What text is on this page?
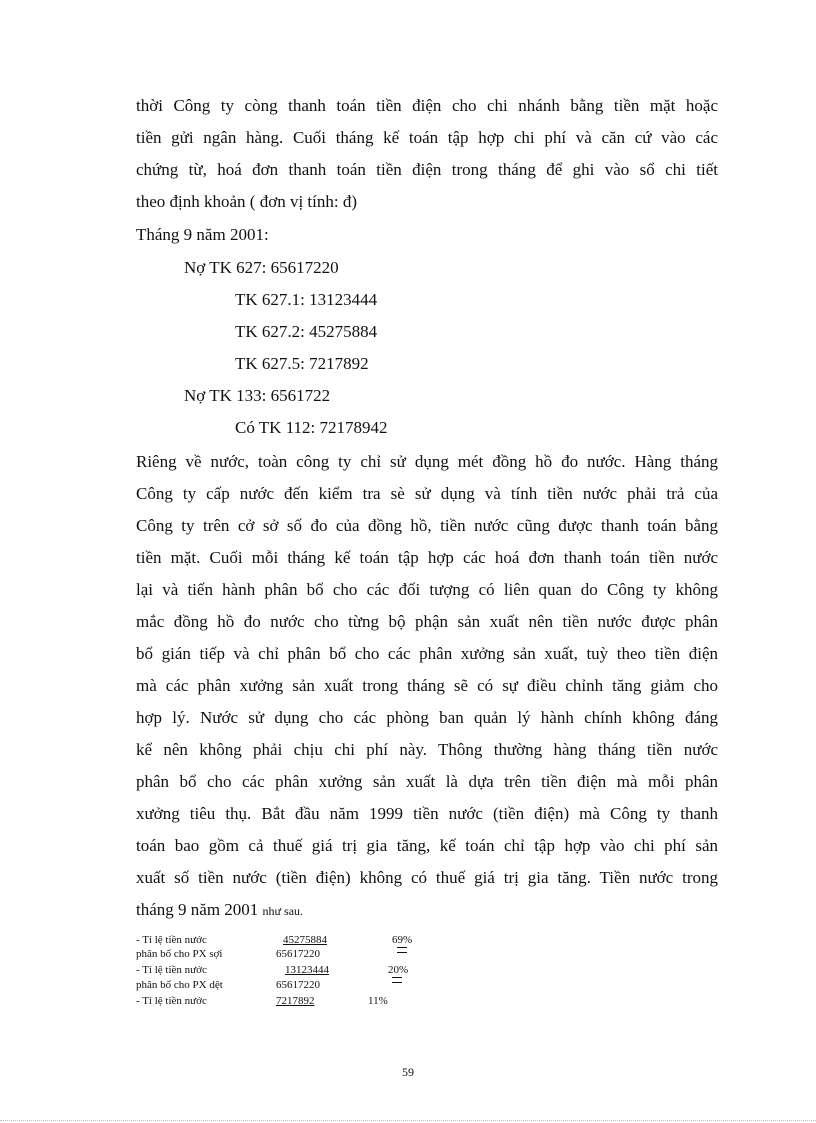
thời Công ty còng thanh toán tiền điện cho chi nhánh bằng tiền mặt hoặc

tiền gửi ngân hàng. Cuối tháng kế toán tập hợp chi phí và căn cứ vào các

chứng từ, hoá đơn thanh toán tiền điện trong tháng để ghi vào sổ chi tiết

theo định khoản ( đơn vị tính: đ)

Tháng 9 năm 2001:

Nợ TK 627: 65617220

TK 627.1: 13123444

TK 627.2: 45275884

TK 627.5: 7217892

Nợ TK 133: 6561722

Có TK 112: 72178942

Riêng về nước, toàn công ty chỉ sử dụng mét đồng hồ đo nước. Hàng tháng

Công ty cấp nước đến kiểm tra sè sử dụng và tính tiền nước phải trả của

Công ty trên cở sở số đo của đồng hồ, tiền nước cũng được thanh toán bằng

tiền mặt. Cuối mỗi tháng kế toán tập hợp các hoá đơn thanh toán tiền nước

lại và tiến hành phân bổ cho các đối tượng có liên quan do Công ty không

mắc đồng hồ đo nước cho từng bộ phận sản xuất nên tiền nước được phân

bổ gián tiếp và chỉ phân bổ cho các phân xưởng sản xuất, tuỳ theo tiền điện

mà các phân xưởng sản xuất trong tháng sẽ có sự điều chỉnh tăng giảm cho

hợp lý. Nước sử dụng cho các phòng ban quản lý hành chính không đáng

kể nên không phải chịu chi phí này. Thông thường hàng tháng tiền nước

phân bổ cho các phân xưởng sản xuất là dựa trên tiền điện mà mỗi phân

xưởng tiêu thụ. Bắt đầu năm 1999 tiền nước (tiền điện) mà Công ty thanh

toán bao gồm cả thuế giá trị gia tăng, kế toán chỉ tập hợp vào chi phí sản

xuất số tiền nước (tiền điện) không có thuế giá trị gia tăng. Tiền nước trong

tháng 9 năm 2001 như sau.

- Tỉ lệ tiền nước	45275884	69%

phân bổ cho PX sợi	65617220

- Tỉ lệ tiền nước	13123444	20%

phân bổ cho PX dệt	65617220

- Tỉ lệ tiền nước	7217892	11%

59
